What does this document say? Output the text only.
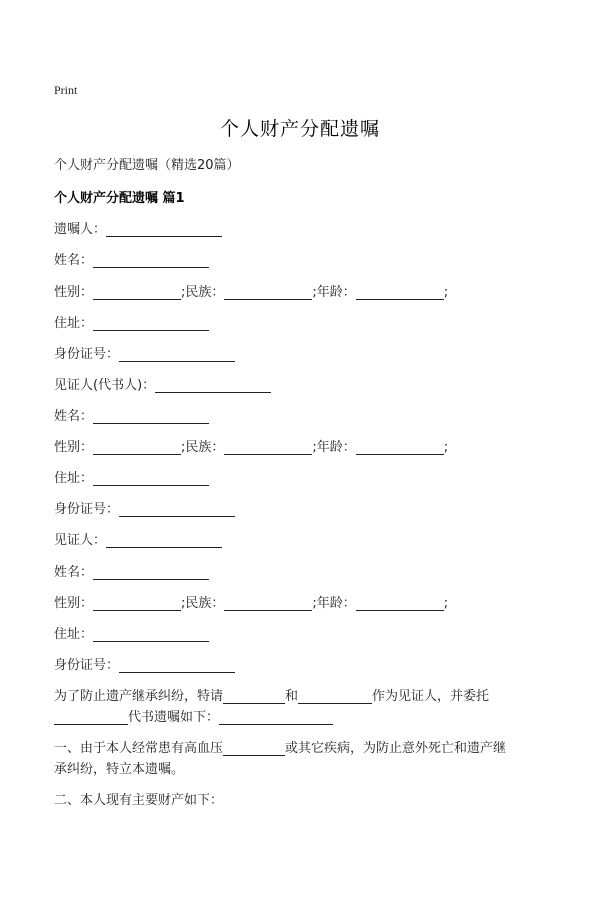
Print
个人财产分配遗嘱
个人财产分配遗嘱（精选20篇）
个人财产分配遗嘱 篇1
遗嘱人：
姓名：
性别：	;民族：	;年龄：	;
住址：
身份证号：
见证人(代书人)：
姓名：
性别：	;民族：	;年龄：	;
住址：
身份证号：
见证人：
姓名：
性别：	;民族：	;年龄：	;
住址：
身份证号：
为了防止遗产继承纠纷，特请	和	作为见证人，并委托
代书遗嘱如下：
一、由于本人经常患有高血压	或其它疾病，为防止意外死亡和遗产继
承纠纷，特立本遗嘱。
二、本人现有主要财产如下：
